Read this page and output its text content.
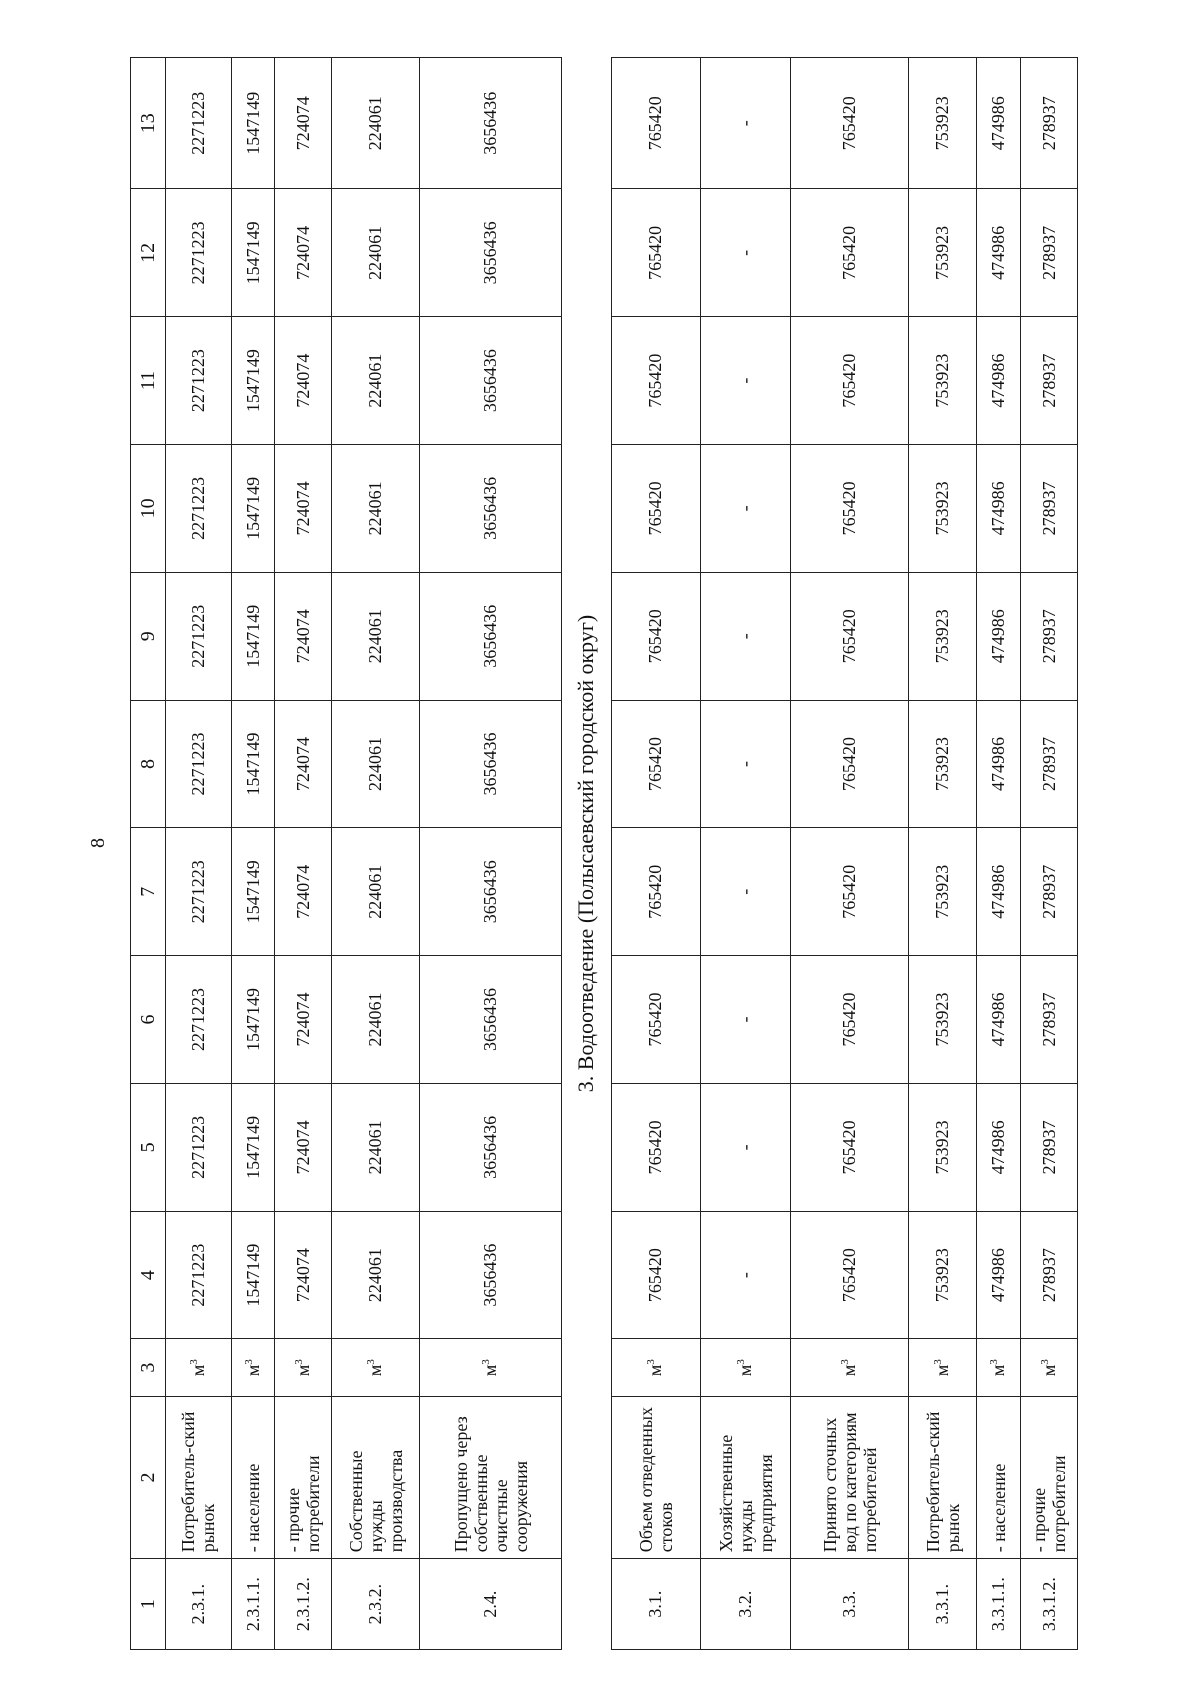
8
1	2	3	4	5	6	7	8	9	10	11	12	13
2.3.1.	Потребитель-ский рынок	$м^3$	2271223	2271223	2271223	2271223	2271223	2271223	2271223	2271223	2271223	2271223
2.3.1.1.	- население	$м^3$	1547149	1547149	1547149	1547149	1547149	1547149	1547149	1547149	1547149	1547149
2.3.1.2.	- прочие потребители	$м^3$	724074	724074	724074	724074	724074	724074	724074	724074	724074	724074
2.3.2.	Собственные нужды производства	$м^3$	224061	224061	224061	224061	224061	224061	224061	224061	224061	224061
2.4.	Пропущено через собственные очистные сооружения	$м^3$	3656436	3656436	3656436	3656436	3656436	3656436	3656436	3656436	3656436	3656436
3. Водоотведение (Полысаевский городской округ)												
3.1.	Объем отведенных стоков	$м^3$	765420	765420	765420	765420	765420	765420	765420	765420	765420	765420
3.2.	Хозяйственные нужды предприятия	$м^3$	-	-	-	-	-	-	-	-	-	-
3.3.	Принято сточных вод по категориям потребителей	$м^3$	765420	765420	765420	765420	765420	765420	765420	765420	765420	765420
3.3.1.	Потребитель-ский рынок	$м^3$	753923	753923	753923	753923	753923	753923	753923	753923	753923	753923
3.3.1.1.	- население	$м^3$	474986	474986	474986	474986	474986	474986	474986	474986	474986	474986
3.3.1.2.	- прочие потребители	$м^3$	278937	278937	278937	278937	278937	278937	278937	278937	278937	278937
